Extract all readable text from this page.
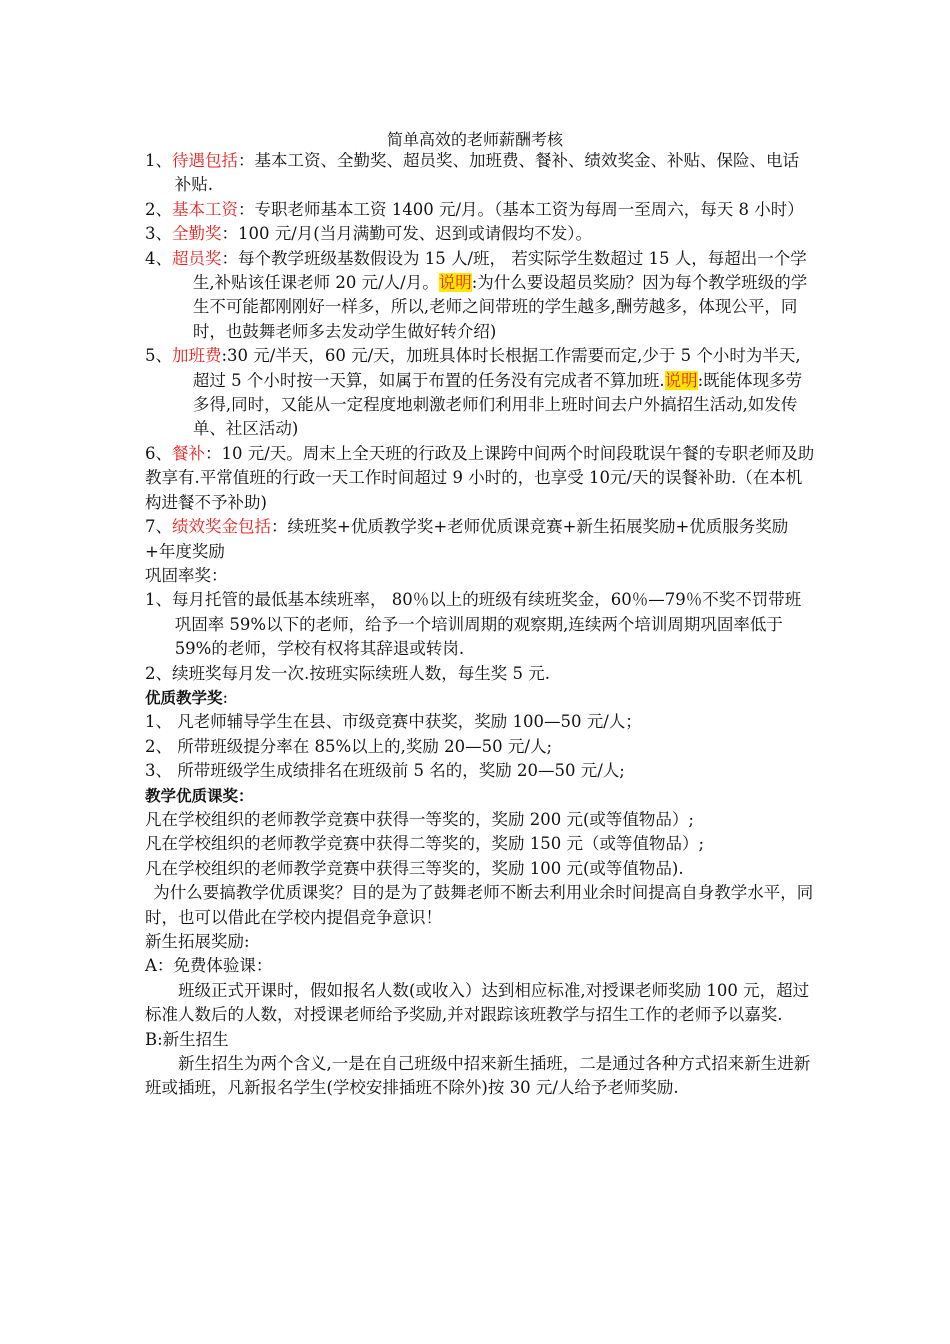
简单高效的老师薪酬考核

1、待遇包括：基本工资、全勤奖、超员奖、加班费、餐补、绩效奖金、补贴、保险、电话补贴.

2、基本工资：专职老师基本工资 1400 元/月。（基本工资为每周一至周六，每天 8 小时）

3、全勤奖：100 元/月(当月满勤可发、迟到或请假均不发）。

4、超员奖：每个教学班级基数假设为 15 人/班， 若实际学生数超过 15 人，每超出一个学生,补贴该任课老师 20 元/人/月。说明:为什么要设超员奖励？因为每个教学班级的学生不可能都刚刚好一样多，所以,老师之间带班的学生越多,酬劳越多，体现公平，同时，也鼓舞老师多去发动学生做好转介绍)

5、加班费:30 元/半天，60 元/天，加班具体时长根据工作需要而定,少于 5 个小时为半天,超过 5 个小时按一天算，如属于布置的任务没有完成者不算加班.说明:既能体现多劳多得,同时，又能从一定程度地刺激老师们利用非上班时间去户外搞招生活动,如发传单、社区活动)

6、餐补：10 元/天。周末上全天班的行政及上课跨中间两个时间段耽误午餐的专职老师及助教享有.平常值班的行政一天工作时间超过 9 小时的，也享受 10元/天的误餐补助.（在本机构进餐不予补助)

7、绩效奖金包括：续班奖+优质教学奖+老师优质课竞赛+新生拓展奖励+优质服务奖励+年度奖励

巩固率奖：

1、每月托管的最低基本续班率， 80％以上的班级有续班奖金，60％—79％不奖不罚带班巩固率 59%以下的老师，给予一个培训周期的观察期,连续两个培训周期巩固率低于 59%的老师，学校有权将其辞退或转岗.

2、续班奖每月发一次.按班实际续班人数，每生奖 5 元.

优质教学奖:

1、 凡老师辅导学生在县、市级竞赛中获奖，奖励 100—50 元/人；

2、 所带班级提分率在 85%以上的,奖励 20—50 元/人;

3、 所带班级学生成绩排名在班级前 5 名的，奖励 20—50 元/人;

教学优质课奖：

凡在学校组织的老师教学竞赛中获得一等奖的，奖励 200 元(或等值物品）;

凡在学校组织的老师教学竞赛中获得二等奖的，奖励 150 元（或等值物品）;

凡在学校组织的老师教学竞赛中获得三等奖的，奖励 100 元(或等值物品).

为什么要搞教学优质课奖？目的是为了鼓舞老师不断去利用业余时间提高自身教学水平，同时，也可以借此在学校内提倡竞争意识！

新生拓展奖励:

A：免费体验课：

班级正式开课时，假如报名人数(或收入）达到相应标准,对授课老师奖励 100 元，超过标准人数后的人数，对授课老师给予奖励,并对跟踪该班教学与招生工作的老师予以嘉奖.

B:新生招生

新生招生为两个含义,一是在自己班级中招来新生插班，二是通过各种方式招来新生进新班或插班，凡新报名学生(学校安排插班不除外)按 30 元/人给予老师奖励.
